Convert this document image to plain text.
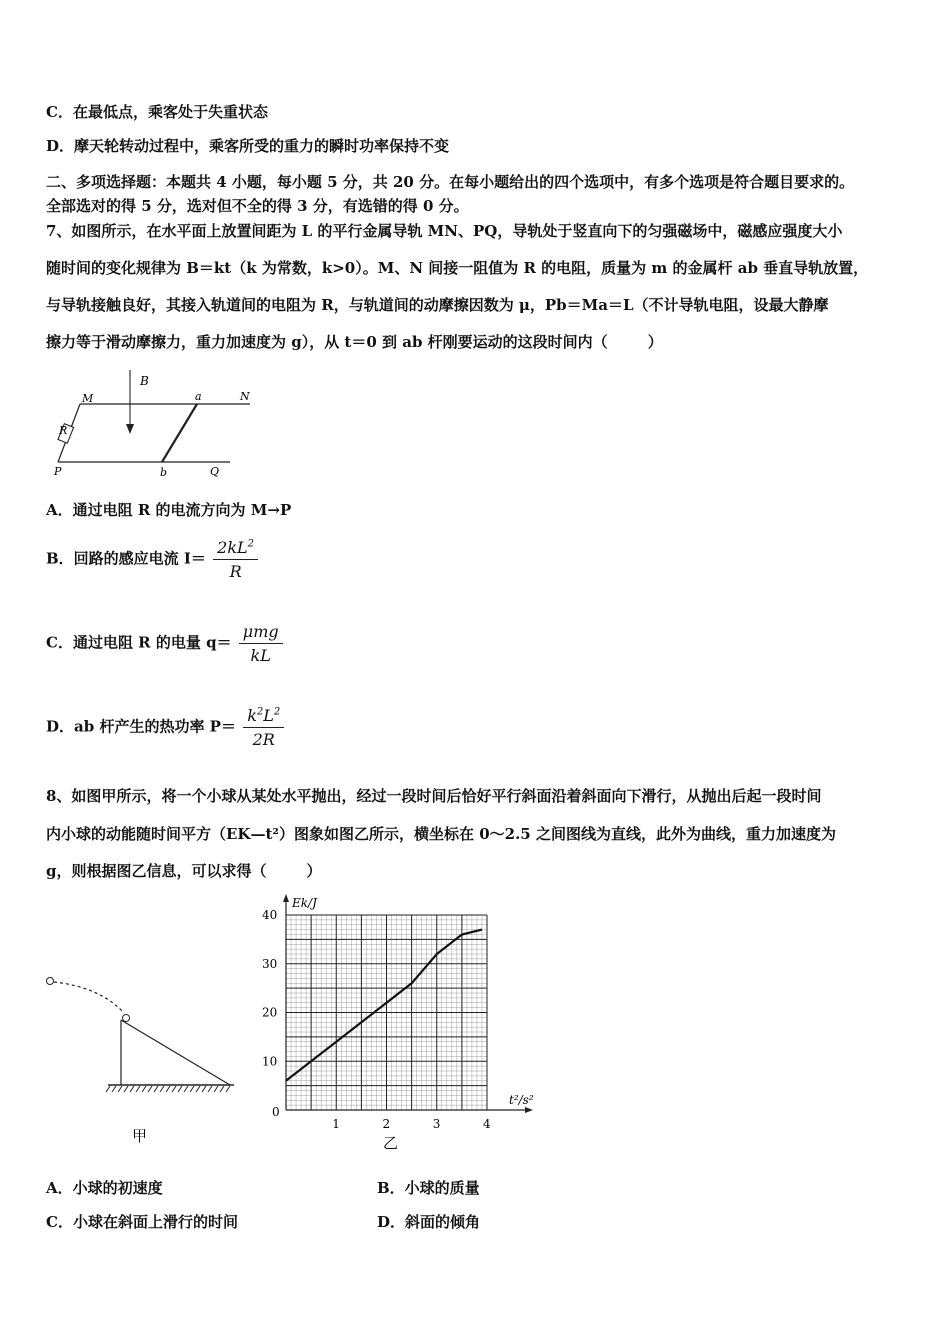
C．在最低点，乘客处于失重状态
D．摩天轮转动过程中，乘客所受的重力的瞬时功率保持不变
二、多项选择题：本题共 4 小题，每小题 5 分，共 20 分。在每小题给出的四个选项中，有多个选项是符合题目要求的。
全部选对的得 5 分，选对但不全的得 3 分，有选错的得 0 分。
7、如图所示，在水平面上放置间距为 L 的平行金属导轨 MN、PQ，导轨处于竖直向下的匀强磁场中，磁感应强度大小
随时间的变化规律为 B＝kt（k 为常数，k>0）。M、N 间接一阻值为 R 的电阻，质量为 m 的金属杆 ab 垂直导轨放置，
与导轨接触良好，其接入轨道间的电阻为 R，与轨道间的动摩擦因数为 μ，Pb＝Ma＝L（不计导轨电阻，设最大静摩
擦力等于滑动摩擦力，重力加速度为 g），从 t＝0 到 ab 杆刚要运动的这段时间内（	）
B
M	a	N
R
P	b	Q
A．通过电阻 R 的电流方向为 M→P
B．回路的感应电流 $I= \frac{2kL^2}{R}$
C．通过电阻 R 的电量 $q= \frac{\text{μmg}}{kL}$
D．ab 杆产生的热功率 $P= \frac{k^2L^2}{2R}$
8、如图甲所示，将一个小球从某处水平抛出，经过一段时间后恰好平行斜面沿着斜面向下滑行，从抛出后起一段时间
内小球的动能随时间平方（EK—t²）图象如图乙所示，横坐标在 0～2.5 之间图线为直线，此外为曲线，重力加速度为
g，则根据图乙信息，可以求得（	）
甲
10
20
30
40
1	2	3	4
0
Ek/J
t²/s²
乙
A．小球的初速度	B．小球的质量
C．小球在斜面上滑行的时间	D．斜面的倾角
